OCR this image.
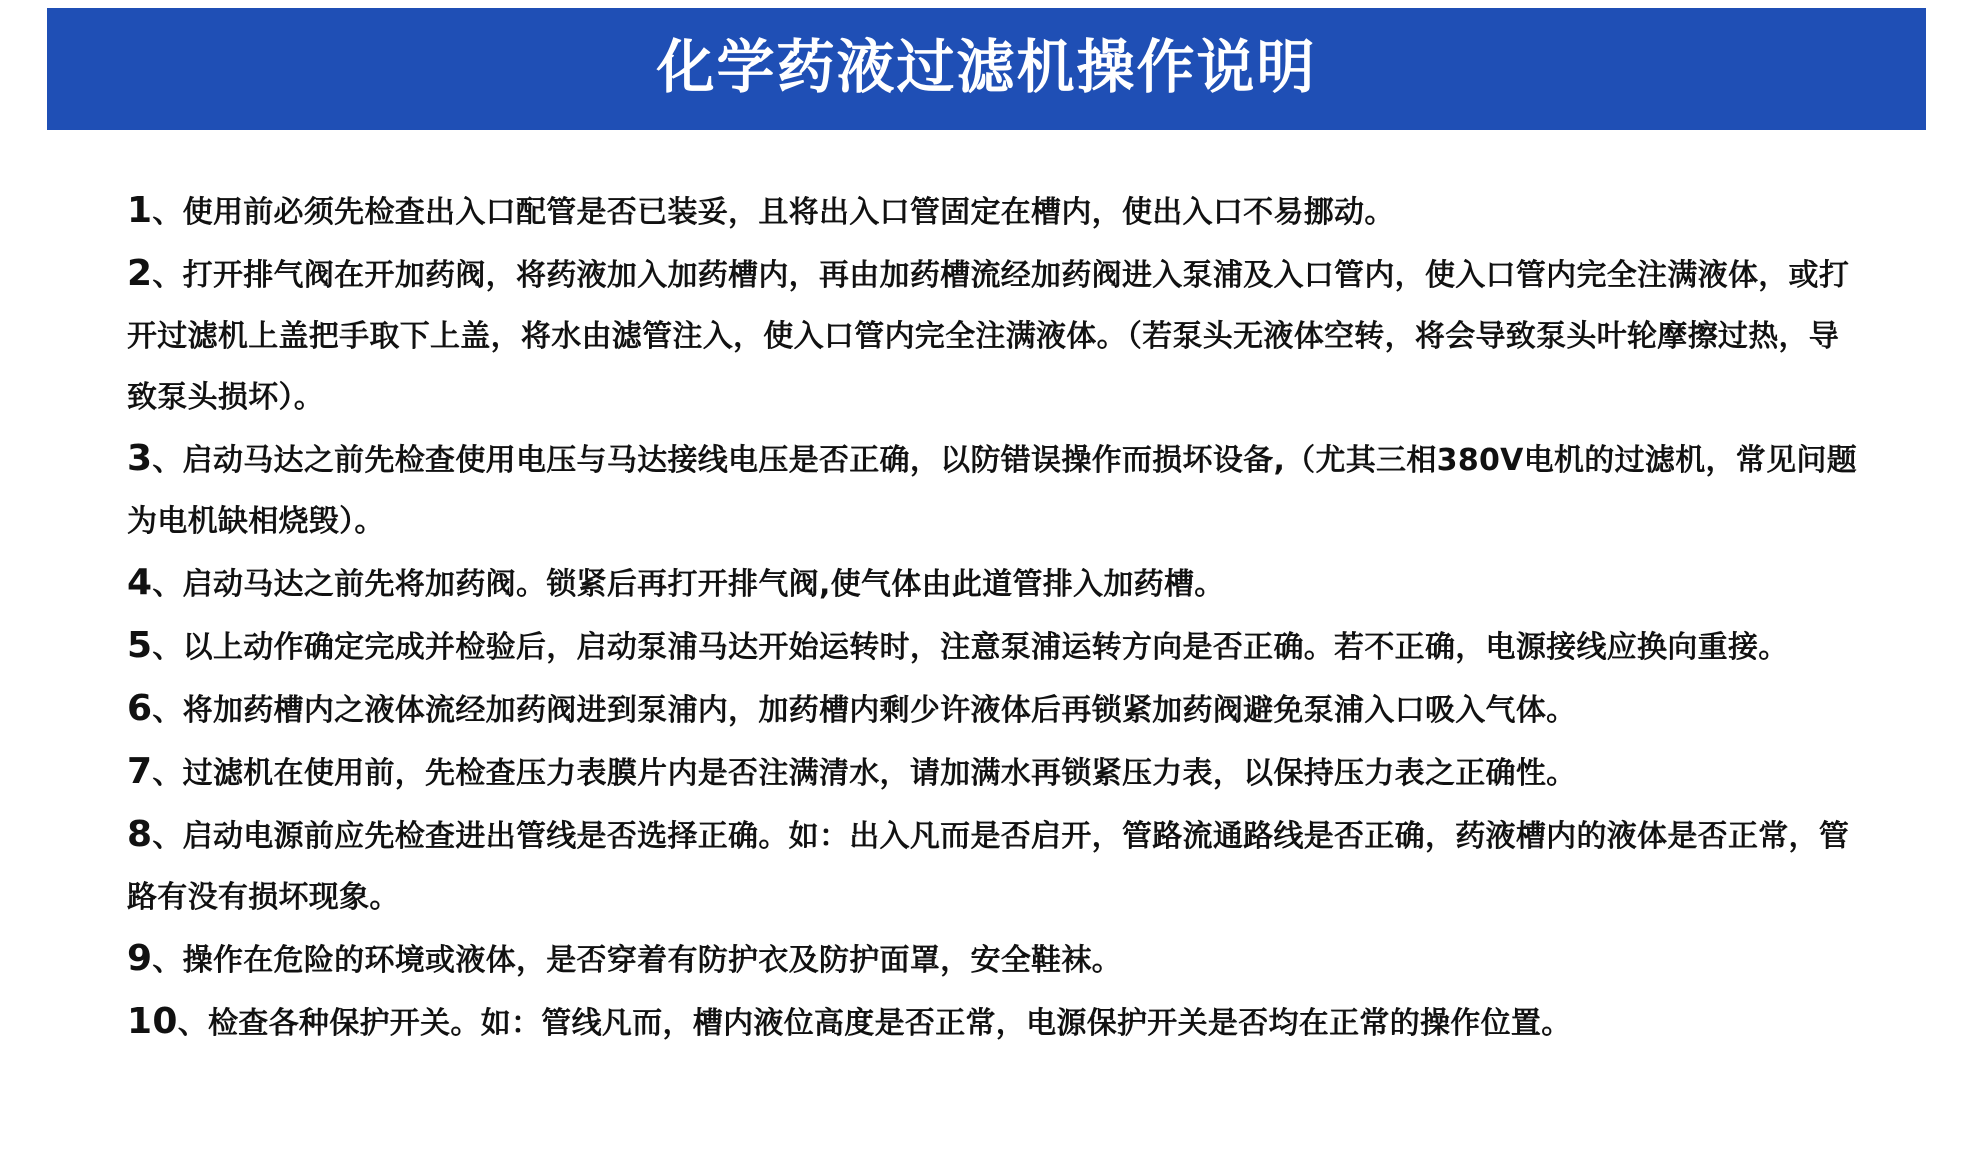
化学药液过滤机操作说明
1、使用前必须先检查出入口配管是否已装妥，且将出入口管固定在槽内，使出入口不易挪动。
2、打开排气阀在开加药阀，将药液加入加药槽内，再由加药槽流经加药阀进入泵浦及入口管内，使入口管内完全注满液体，或打开过滤机上盖把手取下上盖，将水由滤管注入，使入口管内完全注满液体。（若泵头无液体空转，将会导致泵头叶轮摩擦过热，导致泵头损坏）。
3、启动马达之前先检查使用电压与马达接线电压是否正确，以防错误操作而损坏设备,（尤其三相380V电机的过滤机，常见问题为电机缺相烧毁）。
4、启动马达之前先将加药阀。锁紧后再打开排气阀,使气体由此道管排入加药槽。
5、以上动作确定完成并检验后，启动泵浦马达开始运转时，注意泵浦运转方向是否正确。若不正确，电源接线应换向重接。
6、将加药槽内之液体流经加药阀进到泵浦内，加药槽内剩少许液体后再锁紧加药阀避免泵浦入口吸入气体。
7、过滤机在使用前，先检查压力表膜片内是否注满清水，请加满水再锁紧压力表，以保持压力表之正确性。
8、启动电源前应先检查进出管线是否选择正确。如：出入凡而是否启开，管路流通路线是否正确，药液槽内的液体是否正常，管路有没有损坏现象。
9、操作在危险的环境或液体，是否穿着有防护衣及防护面罩，安全鞋袜。
10、检查各种保护开关。如：管线凡而，槽内液位高度是否正常，电源保护开关是否均在正常的操作位置。
